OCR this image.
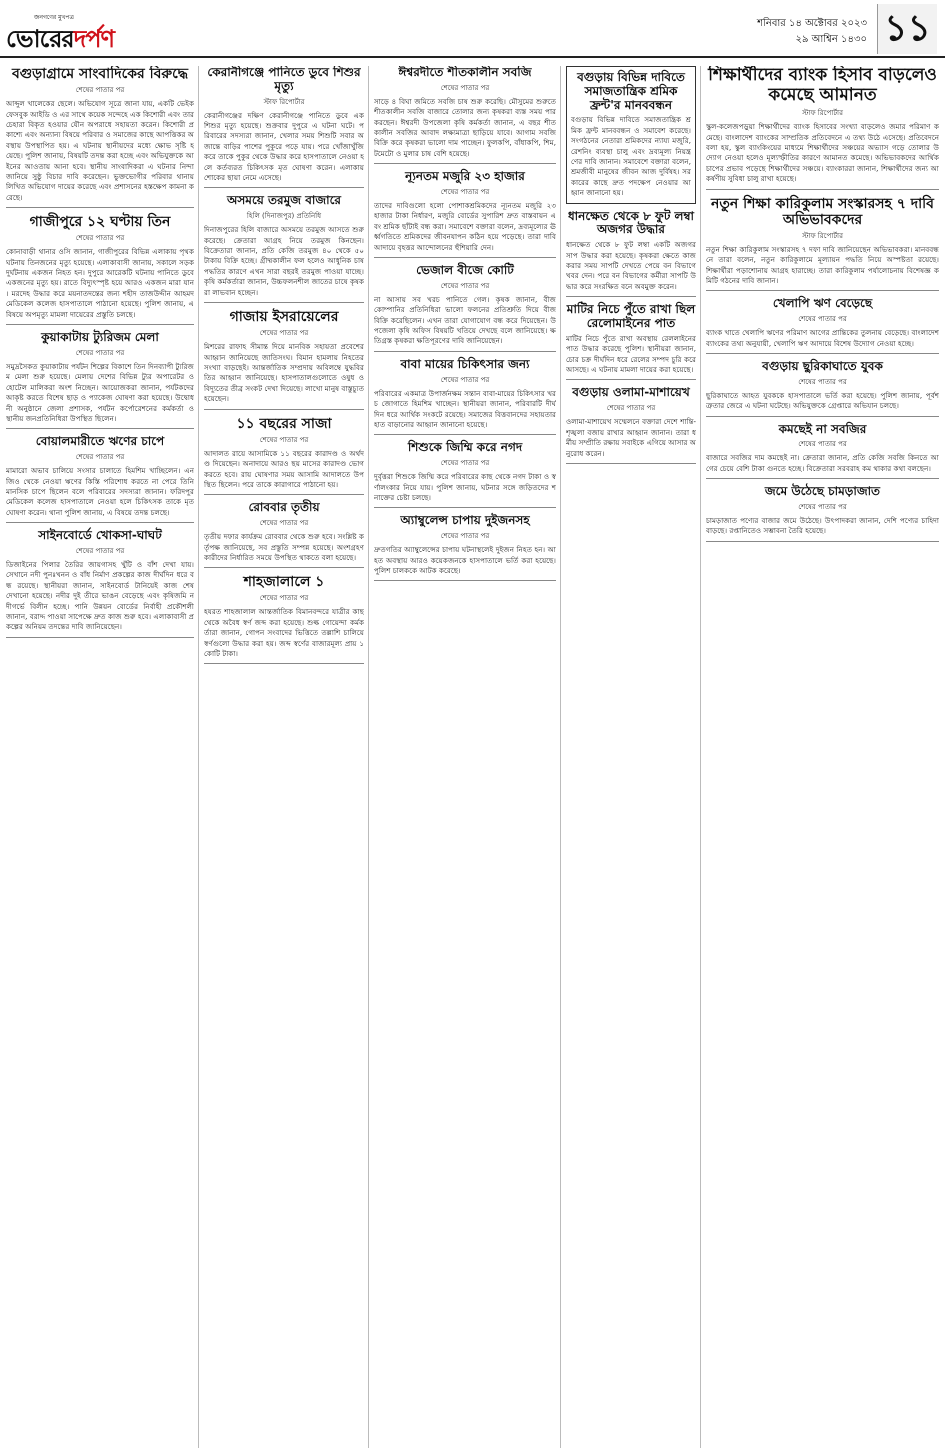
জনগণের মুখপত্র
ভোরেরদর্পণ
শনিবার ১৪ অক্টোবর ২০২৩
২৯ আশ্বিন ১৪৩০ ১১
বগুড়াগ্রামে সাংবাদিকের বিরুদ্ধে
শেষের পাতার পর
আব্দুল খালেকের ছেলে। অভিযোগ সূত্রে জানা যায়, একটি ভেইক ফেসবুক আইডি ও এর সাথে কয়েক সন্দেহে এক কিশোরী এবং তার চেহারা বিকৃত হওয়ার যৌন অপরাধে সহায়তা করেন। কিশোরী প্রকাশ্যে এবং অন্যান্য বিষয়ে পরিবার ও সমাজের কাছে আপত্তিকর অবস্থায় উপস্থাপিত হয়। এ ঘটনায় স্থানীয়দের মধ্যে ক্ষোভ সৃষ্টি হয়েছে। পুলিশ জানায়, বিষয়টি তদন্ত করা হচ্ছে এবং অভিযুক্তকে আইনের আওতায় আনা হবে। স্থানীয় সাংবাদিকরা এ ঘটনার নিন্দা জানিয়ে সুষ্ঠু বিচার দাবি করেছেন। ভুক্তভোগীর পরিবার থানায় লিখিত অভিযোগ দায়ের করেছে এবং প্রশাসনের হস্তক্ষেপ কামনা করেছে।
গাজীপুরে ১২ ঘণ্টায় তিন
শেষের পাতার পর
কোনাবাড়ী থানার ওসি জানান, গাজীপুরের বিভিন্ন এলাকায় পৃথক ঘটনায় তিনজনের মৃত্যু হয়েছে। এলাকাবাসী জানায়, সকালে সড়ক দুর্ঘটনায় একজন নিহত হন। দুপুরে আরেকটি ঘটনায় পানিতে ডুবে একজনের মৃত্যু হয়। রাতে বিদ্যুৎস্পৃষ্ট হয়ে আরও একজন মারা যান। মরদেহ উদ্ধার করে ময়নাতদন্তের জন্য শহীদ তাজউদ্দীন আহমদ মেডিকেল কলেজ হাসপাতালে পাঠানো হয়েছে। পুলিশ জানায়, এ বিষয়ে অপমৃত্যু মামলা দায়েরের প্রস্তুতি চলছে।
কুয়াকাটায় ট্যুরিজম মেলা
শেষের পাতার পর
সমুদ্রসৈকত কুয়াকাটায় পর্যটন শিল্পের বিকাশে তিন দিনব্যাপী ট্যুরিজম মেলা শুরু হয়েছে। মেলায় দেশের বিভিন্ন ট্যুর অপারেটর ও হোটেল মালিকরা অংশ নিচ্ছেন। আয়োজকরা জানান, পর্যটকদের আকৃষ্ট করতে বিশেষ ছাড় ও প্যাকেজ ঘোষণা করা হয়েছে। উদ্বোধনী অনুষ্ঠানে জেলা প্রশাসক, পর্যটন কর্পোরেশনের কর্মকর্তা ও স্থানীয় জনপ্রতিনিধিরা উপস্থিত ছিলেন।
বোয়ালমারীতে ঋণের চাপে
শেষের পাতার পর
মামারো অভাব চালিয়ে সংসার চালাতে হিমশিম খাচ্ছিলেন। এনজিও থেকে নেওয়া ঋণের কিস্তি পরিশোধ করতে না পেরে তিনি মানসিক চাপে ছিলেন বলে পরিবারের সদস্যরা জানান। ফরিদপুর মেডিকেল কলেজ হাসপাতালে নেওয়া হলে চিকিৎসক তাকে মৃত ঘোষণা করেন। থানা পুলিশ জানায়, এ বিষয়ে তদন্ত চলছে।
সাইনবোর্ডে খোকসা-ঘাঘট
শেষের পাতার পর
ডিজাইনের পিলার তৈরির জায়গাসহ খুঁটি ও বাঁশ দেখা যায়। সেখানে নদী পুনঃখনন ও বাঁধ নির্মাণ প্রকল্পের কাজ দীর্ঘদিন ধরে বন্ধ রয়েছে। স্থানীয়রা জানান, সাইনবোর্ড টানিয়েই কাজ শেষ দেখানো হয়েছে। নদীর দুই তীরে ভাঙন বেড়েছে এবং কৃষিজমি নদীগর্ভে বিলীন হচ্ছে। পানি উন্নয়ন বোর্ডের নির্বাহী প্রকৌশলী জানান, বরাদ্দ পাওয়া সাপেক্ষে দ্রুত কাজ শুরু হবে। এলাকাবাসী প্রকল্পের অনিয়ম তদন্তের দাবি জানিয়েছেন।
কেরানীগঞ্জে পানিতে ডুবে শিশুর মৃত্যু
স্টাফ রিপোর্টার
কেরানীগঞ্জের দক্ষিণ কেরানীগঞ্জে পানিতে ডুবে এক শিশুর মৃত্যু হয়েছে। শুক্রবার দুপুরে এ ঘটনা ঘটে। পরিবারের সদস্যরা জানান, খেলার সময় শিশুটি সবার অজান্তে বাড়ির পাশের পুকুরে পড়ে যায়। পরে খোঁজাখুঁজি করে তাকে পুকুর থেকে উদ্ধার করে হাসপাতালে নেওয়া হলে কর্তব্যরত চিকিৎসক মৃত ঘোষণা করেন। এলাকায় শোকের ছায়া নেমে এসেছে।
অসময়ে তরমুজ বাজারে
হিলি (দিনাজপুর) প্রতিনিধি
দিনাজপুরের হিলি বাজারে অসময়ে তরমুজ আসতে শুরু করেছে। ক্রেতারা আগ্রহ নিয়ে তরমুজ কিনছেন। বিক্রেতারা জানান, প্রতি কেজি তরমুজ ৪০ থেকে ৫০ টাকায় বিক্রি হচ্ছে। গ্রীষ্মকালীন ফল হলেও আধুনিক চাষ পদ্ধতির কারণে এখন সারা বছরই তরমুজ পাওয়া যাচ্ছে। কৃষি কর্মকর্তারা জানান, উচ্চফলনশীল জাতের চাষে কৃষকরা লাভবান হচ্ছেন।
গাজায় ইসরায়েলের
শেষের পাতার পর
মিশরের রাফাহ সীমান্ত দিয়ে মানবিক সহায়তা প্রবেশের আহ্বান জানিয়েছে জাতিসংঘ। বিমান হামলায় নিহতের সংখ্যা বাড়ছেই। আন্তর্জাতিক সম্প্রদায় অবিলম্বে যুদ্ধবিরতির আহ্বান জানিয়েছে। হাসপাতালগুলোতে ওষুধ ও বিদ্যুতের তীব্র সংকট দেখা দিয়েছে। লাখো মানুষ বাস্তুচ্যুত হয়েছেন।
১১ বছরের সাজা
শেষের পাতার পর
আদালত রায়ে আসামিকে ১১ বছরের কারাদণ্ড ও অর্থদণ্ড দিয়েছেন। অনাদায়ে আরও ছয় মাসের কারাদণ্ড ভোগ করতে হবে। রায় ঘোষণার সময় আসামি আদালতে উপস্থিত ছিলেন। পরে তাকে কারাগারে পাঠানো হয়।
রোববার তৃতীয়
শেষের পাতার পর
তৃতীয় দফার কার্যক্রম রোববার থেকে শুরু হবে। সংশ্লিষ্ট কর্তৃপক্ষ জানিয়েছে, সব প্রস্তুতি সম্পন্ন হয়েছে। অংশগ্রহণকারীদের নির্ধারিত সময়ে উপস্থিত থাকতে বলা হয়েছে।
শাহজালালে ১
শেষের পাতার পর
হযরত শাহজালাল আন্তর্জাতিক বিমানবন্দরে যাত্রীর কাছ থেকে অবৈধ স্বর্ণ জব্দ করা হয়েছে। শুল্ক গোয়েন্দা কর্মকর্তারা জানান, গোপন সংবাদের ভিত্তিতে তল্লাশি চালিয়ে স্বর্ণগুলো উদ্ধার করা হয়। জব্দ স্বর্ণের বাজারমূল্য প্রায় ১ কোটি টাকা।
ঈশ্বরদীতে শীতকালীন সবজি
শেষের পাতার পর
সাড়ে ৪ বিঘা জমিতে সবজি চাষ শুরু করেছি। মৌসুমের শুরুতে শীতকালীন সবজি বাজারে তোলার জন্য কৃষকরা ব্যস্ত সময় পার করছেন। ঈশ্বরদী উপজেলা কৃষি কর্মকর্তা জানান, এ বছর শীতকালীন সবজির আবাদ লক্ষ্যমাত্রা ছাড়িয়ে যাবে। আগাম সবজি বিক্রি করে কৃষকরা ভালো দাম পাচ্ছেন। ফুলকপি, বাঁধাকপি, শিম, টমেটো ও মুলার চাষ বেশি হয়েছে।
ন্যূনতম মজুরি ২৩ হাজার
শেষের পাতার পর
তাদের দাবিগুলো হলো পোশাকশ্রমিকদের ন্যূনতম মজুরি ২৩ হাজার টাকা নির্ধারণ, মজুরি বোর্ডের সুপারিশ দ্রুত বাস্তবায়ন এবং শ্রমিক ছাঁটাই বন্ধ করা। সমাবেশে বক্তারা বলেন, দ্রব্যমূল্যের ঊর্ধ্বগতিতে শ্রমিকদের জীবনযাপন কঠিন হয়ে পড়েছে। তারা দাবি আদায়ে বৃহত্তর আন্দোলনের হুঁশিয়ারি দেন।
ভেজাল বীজে কোটি
শেষের পাতার পর
না আসায় সব খরচ পানিতে গেল। কৃষক জানান, বীজ কোম্পানির প্রতিনিধিরা ভালো ফলনের প্রতিশ্রুতি দিয়ে বীজ বিক্রি করেছিলেন। এখন তারা যোগাযোগ বন্ধ করে দিয়েছেন। উপজেলা কৃষি অফিস বিষয়টি খতিয়ে দেখছে বলে জানিয়েছে। ক্ষতিগ্রস্ত কৃষকরা ক্ষতিপূরণের দাবি জানিয়েছেন।
বাবা মায়ের চিকিৎসার জন্য
শেষের পাতার পর
পরিবারের একমাত্র উপার্জনক্ষম সন্তান বাবা-মায়ের চিকিৎসার খরচ জোগাতে হিমশিম খাচ্ছেন। স্থানীয়রা জানান, পরিবারটি দীর্ঘদিন ধরে আর্থিক সংকটে রয়েছে। সমাজের বিত্তবানদের সহায়তার হাত বাড়ানোর আহ্বান জানানো হয়েছে।
শিশুকে জিম্মি করে নগদ
শেষের পাতার পর
দুর্বৃত্তরা শিশুকে জিম্মি করে পরিবারের কাছ থেকে নগদ টাকা ও স্বর্ণালংকার নিয়ে যায়। পুলিশ জানায়, ঘটনার সঙ্গে জড়িতদের শনাক্তের চেষ্টা চলছে।
অ্যাম্বুলেন্স চাপায় দুইজনসহ
শেষের পাতার পর
দ্রুতগতির অ্যাম্বুলেন্সের চাপায় ঘটনাস্থলেই দুইজন নিহত হন। আহত অবস্থায় আরও কয়েকজনকে হাসপাতালে ভর্তি করা হয়েছে। পুলিশ চালককে আটক করেছে।
বগুড়ায় বিভিন্ন দাবিতে সমাজতান্ত্রিক শ্রমিক ফ্রন্ট'র মানববন্ধন
বগুড়ায় বিভিন্ন দাবিতে সমাজতান্ত্রিক শ্রমিক ফ্রন্ট মানববন্ধন ও সমাবেশ করেছে। সংগঠনের নেতারা শ্রমিকদের ন্যায্য মজুরি, রেশনিং ব্যবস্থা চালু এবং দ্রব্যমূল্য নিয়ন্ত্রণের দাবি জানান। সমাবেশে বক্তারা বলেন, শ্রমজীবী মানুষের জীবন আজ দুর্বিষহ। সরকারের কাছে দ্রুত পদক্ষেপ নেওয়ার আহ্বান জানানো হয়।
ধানক্ষেত থেকে ৮ ফুট লম্বা অজগর উদ্ধার
ধানক্ষেত থেকে ৮ ফুট লম্বা একটি অজগর সাপ উদ্ধার করা হয়েছে। কৃষকরা ক্ষেতে কাজ করার সময় সাপটি দেখতে পেয়ে বন বিভাগে খবর দেন। পরে বন বিভাগের কর্মীরা সাপটি উদ্ধার করে সংরক্ষিত বনে অবমুক্ত করেন।
মাটির নিচে পুঁতে রাখা ছিল রেলোমাইনের পাত
মাটির নিচে পুঁতে রাখা অবস্থায় রেললাইনের পাত উদ্ধার করেছে পুলিশ। স্থানীয়রা জানান, চোর চক্র দীর্ঘদিন ধরে রেলের সম্পদ চুরি করে আসছে। এ ঘটনায় মামলা দায়ের করা হয়েছে।
বগুড়ায় ওলামা-মাশায়েখ
শেষের পাতার পর
ওলামা-মাশায়েখ সম্মেলনে বক্তারা দেশে শান্তি-শৃঙ্খলা বজায় রাখার আহ্বান জানান। তারা ধর্মীয় সম্প্রীতি রক্ষায় সবাইকে এগিয়ে আসার অনুরোধ করেন।
শিক্ষার্থীদের ব্যাংক হিসাব বাড়লেও কমেছে আমানত
স্টাফ রিপোর্টার
স্কুল-কলেজপড়ুয়া শিক্ষার্থীদের ব্যাংক হিসাবের সংখ্যা বাড়লেও জমার পরিমাণ কমেছে। বাংলাদেশ ব্যাংকের সাম্প্রতিক প্রতিবেদনে এ তথ্য উঠে এসেছে। প্রতিবেদনে বলা হয়, স্কুল ব্যাংকিংয়ের মাধ্যমে শিক্ষার্থীদের সঞ্চয়ের অভ্যাস গড়ে তোলার উদ্যোগ নেওয়া হলেও মূল্যস্ফীতির কারণে আমানত কমেছে। অভিভাবকদের আর্থিক চাপের প্রভাব পড়েছে শিক্ষার্থীদের সঞ্চয়ে। ব্যাংকাররা জানান, শিক্ষার্থীদের জন্য আকর্ষণীয় সুবিধা চালু রাখা হয়েছে।
নতুন শিক্ষা কারিকুলাম সংস্কারসহ ৭ দাবি অভিভাবকদের
স্টাফ রিপোর্টার
নতুন শিক্ষা কারিকুলাম সংস্কারসহ ৭ দফা দাবি জানিয়েছেন অভিভাবকরা। মানববন্ধনে তারা বলেন, নতুন কারিকুলামে মূল্যায়ন পদ্ধতি নিয়ে অস্পষ্টতা রয়েছে। শিক্ষার্থীরা পড়াশোনায় আগ্রহ হারাচ্ছে। তারা কারিকুলাম পর্যালোচনায় বিশেষজ্ঞ কমিটি গঠনের দাবি জানান।
খেলাপি ঋণ বেড়েছে
শেষের পাতার পর
ব্যাংক খাতে খেলাপি ঋণের পরিমাণ আগের প্রান্তিকের তুলনায় বেড়েছে। বাংলাদেশ ব্যাংকের তথ্য অনুযায়ী, খেলাপি ঋণ আদায়ে বিশেষ উদ্যোগ নেওয়া হচ্ছে।
বগুড়ায় ছুরিকাঘাতে যুবক
শেষের পাতার পর
ছুরিকাঘাতে আহত যুবককে হাসপাতালে ভর্তি করা হয়েছে। পুলিশ জানায়, পূর্বশত্রুতার জেরে এ ঘটনা ঘটেছে। অভিযুক্তকে গ্রেপ্তারে অভিযান চলছে।
কমছেই না সবজির
শেষের পাতার পর
বাজারে সবজির দাম কমছেই না। ক্রেতারা জানান, প্রতি কেজি সবজি কিনতে আগের চেয়ে বেশি টাকা গুনতে হচ্ছে। বিক্রেতারা সরবরাহ কম থাকার কথা বলছেন।
জমে উঠেছে চামড়াজাত
শেষের পাতার পর
চামড়াজাত পণ্যের বাজার জমে উঠেছে। উৎপাদকরা জানান, দেশি পণ্যের চাহিদা বাড়ছে। রপ্তানিতেও সম্ভাবনা তৈরি হয়েছে।
